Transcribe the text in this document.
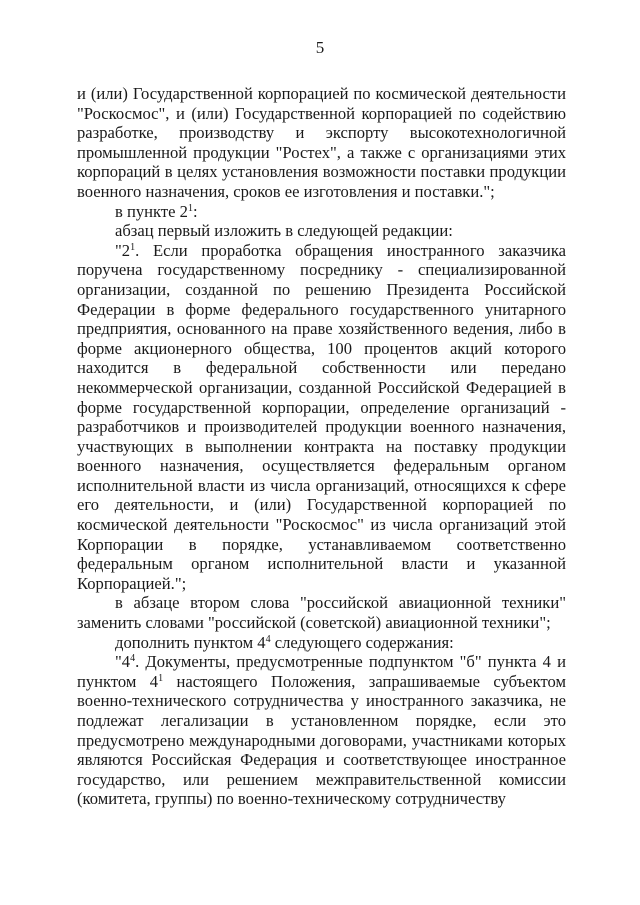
5

и (или) Государственной корпорацией по космической деятельности "Роскосмос", и (или) Государственной корпорацией по содействию разработке, производству и экспорту высокотехнологичной промышленной продукции "Ростех", а также с организациями этих корпораций в целях установления возможности поставки продукции военного назначения, сроков ее изготовления и поставки.";

в пункте $2^1$:

абзац первый изложить в следующей редакции:

"$2^1$. Если проработка обращения иностранного заказчика поручена государственному посреднику - специализированной организации, созданной по решению Президента Российской Федерации в форме федерального государственного унитарного предприятия, основанного на праве хозяйственного ведения, либо в форме акционерного общества, 100 процентов акций которого находится в федеральной собственности или передано некоммерческой организации, созданной Российской Федерацией в форме государственной корпорации, определение организаций - разработчиков и производителей продукции военного назначения, участвующих в выполнении контракта на поставку продукции военного назначения, осуществляется федеральным органом исполнительной власти из числа организаций, относящихся к сфере его деятельности, и (или) Государственной корпорацией по космической деятельности "Роскосмос" из числа организаций этой Корпорации в порядке, устанавливаемом соответственно федеральным органом исполнительной власти и указанной Корпорацией.";

в абзаце втором слова "российской авиационной техники" заменить словами "российской (советской) авиационной техники";

дополнить пунктом $4^4$ следующего содержания:

"$4^4$. Документы, предусмотренные подпунктом "б" пункта 4 и пунктом $4^1$ настоящего Положения, запрашиваемые субъектом военно-технического сотрудничества у иностранного заказчика, не подлежат легализации в установленном порядке, если это предусмотрено международными договорами, участниками которых являются Российская Федерация и соответствующее иностранное государство, или решением межправительственной комиссии (комитета, группы) по военно-техническому сотрудничеству
